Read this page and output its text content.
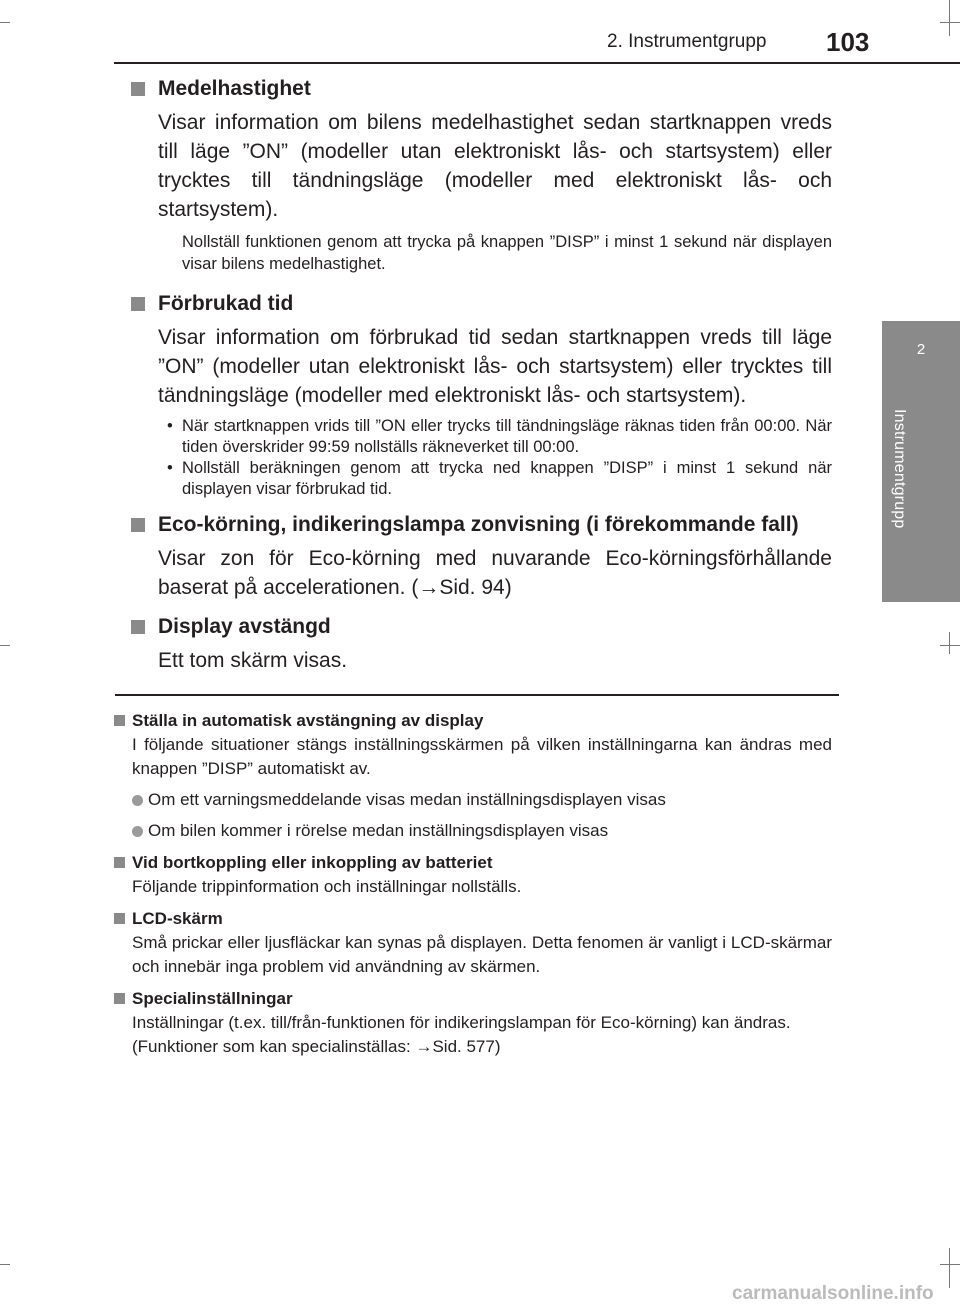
2. Instrumentgrupp 103
2
Instrumentgrupp
Medelhastighet
Visar information om bilens medelhastighet sedan startknappen vreds till läge ”ON” (modeller utan elektroniskt lås- och startsystem) eller trycktes till tändningsläge (modeller med elektroniskt lås- och startsystem).
Nollställ funktionen genom att trycka på knappen ”DISP” i minst 1 sekund när displayen visar bilens medelhastighet.
Förbrukad tid
Visar information om förbrukad tid sedan startknappen vreds till läge ”ON” (modeller utan elektroniskt lås- och startsystem) eller trycktes till tändningsläge (modeller med elektroniskt lås- och startsystem).
• När startknappen vrids till ”ON eller trycks till tändningsläge räknas tiden från 00:00. När tiden överskrider 99:59 nollställs räkneverket till 00:00.
• Nollställ beräkningen genom att trycka ned knappen ”DISP” i minst 1 sekund när displayen visar förbrukad tid.
Eco-körning, indikeringslampa zonvisning (i förekommande fall)
Visar zon för Eco-körning med nuvarande Eco-körningsförhållande baserat på accelerationen. (→Sid. 94)
Display avstängd
Ett tom skärm visas.
Ställa in automatisk avstängning av display
I följande situationer stängs inställningsskärmen på vilken inställningarna kan ändras med knappen ”DISP” automatiskt av.
Om ett varningsmeddelande visas medan inställningsdisplayen visas
Om bilen kommer i rörelse medan inställningsdisplayen visas
Vid bortkoppling eller inkoppling av batteriet
Följande trippinformation och inställningar nollställs.
LCD-skärm
Små prickar eller ljusfläckar kan synas på displayen. Detta fenomen är vanligt i LCD-skärmar och innebär inga problem vid användning av skärmen.
Specialinställningar
Inställningar (t.ex. till/från-funktionen för indikeringslampan för Eco-körning) kan ändras.
(Funktioner som kan specialinställas: →Sid. 577)
carmanualsonline.info
